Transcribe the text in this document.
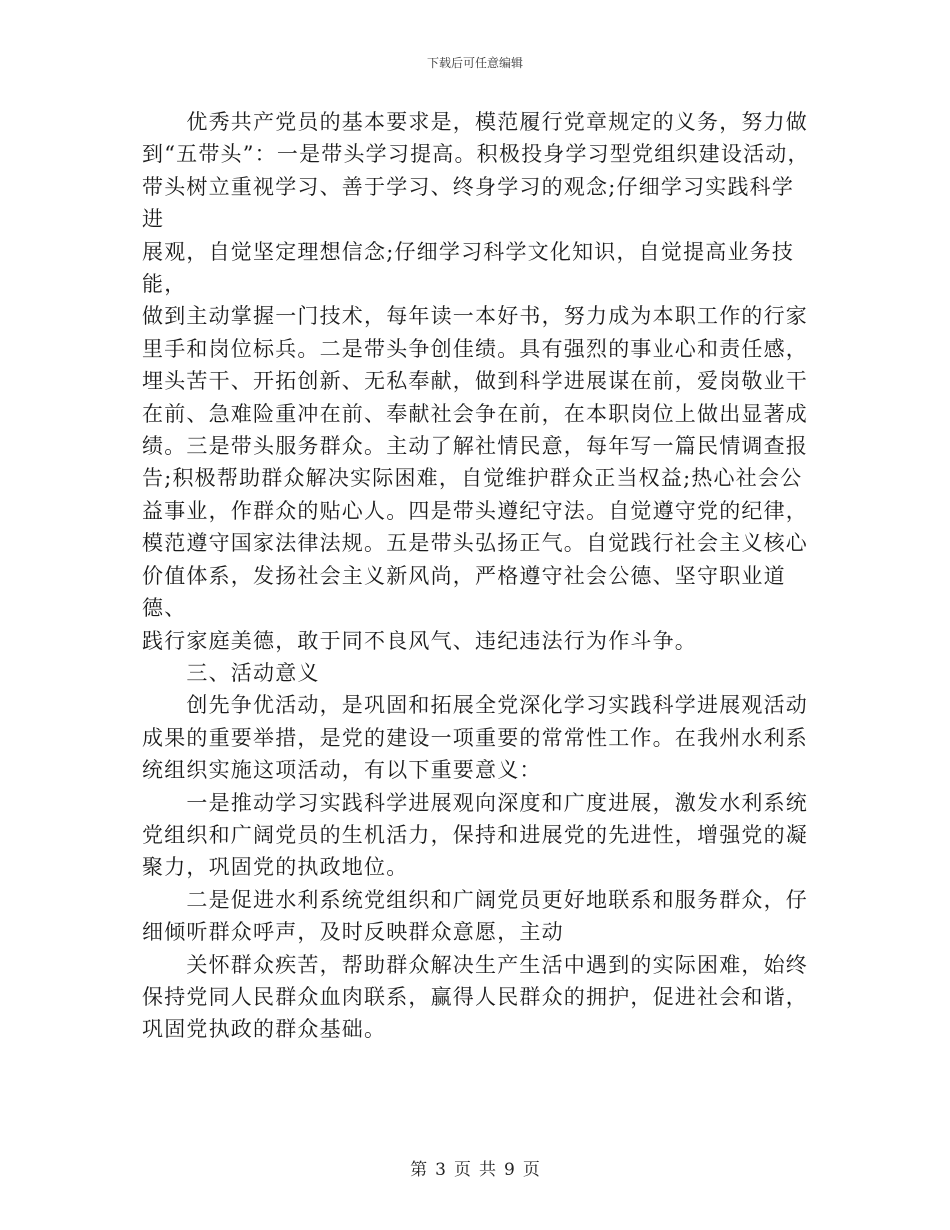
下载后可任意编辑

　　优秀共产党员的基本要求是，模范履行党章规定的义务，努力做

到“五带头”：一是带头学习提高。积极投身学习型党组织建设活动，

带头树立重视学习、善于学习、终身学习的观念;仔细学习实践科学进

展观，自觉坚定理想信念;仔细学习科学文化知识，自觉提高业务技能，

做到主动掌握一门技术，每年读一本好书，努力成为本职工作的行家

里手和岗位标兵。二是带头争创佳绩。具有强烈的事业心和责任感，

埋头苦干、开拓创新、无私奉献，做到科学进展谋在前，爱岗敬业干

在前、急难险重冲在前、奉献社会争在前，在本职岗位上做出显著成

绩。三是带头服务群众。主动了解社情民意，每年写一篇民情调查报

告;积极帮助群众解决实际困难，自觉维护群众正当权益;热心社会公

益事业，作群众的贴心人。四是带头遵纪守法。自觉遵守党的纪律，

模范遵守国家法律法规。五是带头弘扬正气。自觉践行社会主义核心

价值体系，发扬社会主义新风尚，严格遵守社会公德、坚守职业道德、

践行家庭美德，敢于同不良风气、违纪违法行为作斗争。

　　三、活动意义

　　创先争优活动，是巩固和拓展全党深化学习实践科学进展观活动

成果的重要举措，是党的建设一项重要的常常性工作。在我州水利系

统组织实施这项活动，有以下重要意义：

　　一是推动学习实践科学进展观向深度和广度进展，激发水利系统

党组织和广阔党员的生机活力，保持和进展党的先进性，增强党的凝

聚力，巩固党的执政地位。

　　二是促进水利系统党组织和广阔党员更好地联系和服务群众，仔

细倾听群众呼声，及时反映群众意愿，主动

　　关怀群众疾苦，帮助群众解决生产生活中遇到的实际困难，始终

保持党同人民群众血肉联系，赢得人民群众的拥护，促进社会和谐，

巩固党执政的群众基础。

第 3 页 共 9 页
